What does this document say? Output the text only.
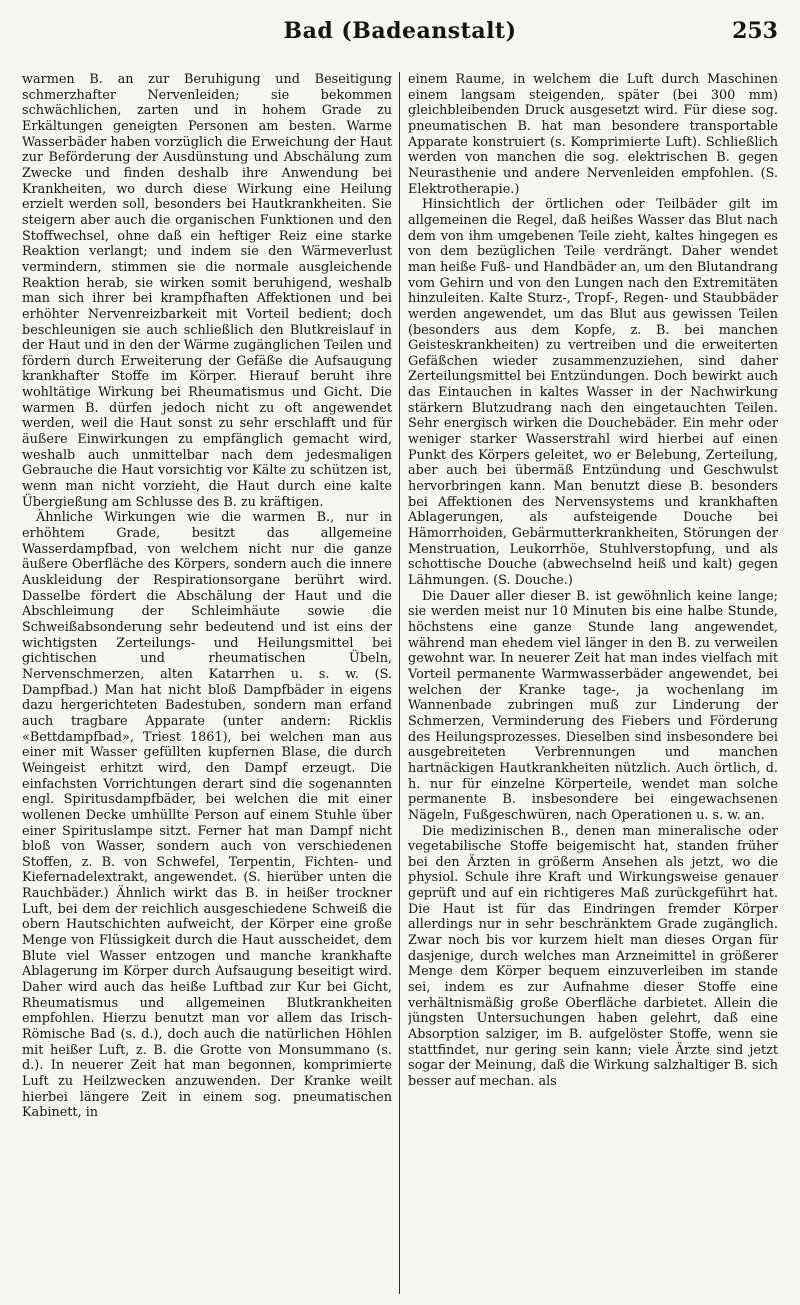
Bad (Badeanstalt)	253

warmen B. an zur Beruhigung und Beseitigung schmerzhafter Nervenleiden; sie bekommen schwächlichen, zarten und in hohem Grade zu Erkältungen geneigten Personen am besten. Warme Wasserbäder haben vorzüglich die Erweichung der Haut zur Beförderung der Ausdünstung und Abschälung zum Zwecke und finden deshalb ihre Anwendung bei Krankheiten, wo durch diese Wirkung eine Heilung erzielt werden soll, besonders bei Hautkrankheiten. Sie steigern aber auch die organischen Funktionen und den Stoffwechsel, ohne daß ein heftiger Reiz eine starke Reaktion verlangt; und indem sie den Wärmeverlust vermindern, stimmen sie die normale ausgleichende Reaktion herab, sie wirken somit beruhigend, weshalb man sich ihrer bei krampfhaften Affektionen und bei erhöhter Nervenreizbarkeit mit Vorteil bedient; doch beschleunigen sie auch schließlich den Blutkreislauf in der Haut und in den der Wärme zugänglichen Teilen und fördern durch Erweiterung der Gefäße die Aufsaugung krankhafter Stoffe im Körper. Hierauf beruht ihre wohltätige Wirkung bei Rheumatismus und Gicht. Die warmen B. dürfen jedoch nicht zu oft angewendet werden, weil die Haut sonst zu sehr erschlafft und für äußere Einwirkungen zu empfänglich gemacht wird, weshalb auch unmittelbar nach dem jedesmaligen Gebrauche die Haut vorsichtig vor Kälte zu schützen ist, wenn man nicht vorzieht, die Haut durch eine kalte Übergießung am Schlusse des B. zu kräftigen.

Ähnliche Wirkungen wie die warmen B., nur in erhöhtem Grade, besitzt das allgemeine Wasserdampfbad, von welchem nicht nur die ganze äußere Oberfläche des Körpers, sondern auch die innere Auskleidung der Respirationsorgane berührt wird. Dasselbe fördert die Abschälung der Haut und die Abschleimung der Schleimhäute sowie die Schweißabsonderung sehr bedeutend und ist eins der wichtigsten Zerteilungs- und Heilungsmittel bei gichtischen und rheumatischen Übeln, Nervenschmerzen, alten Katarrhen u. s. w. (S. Dampfbad.) Man hat nicht bloß Dampfbäder in eigens dazu hergerichteten Badestuben, sondern man erfand auch tragbare Apparate (unter andern: Ricklis «Bettdampfbad», Triest 1861), bei welchen man aus einer mit Wasser gefüllten kupfernen Blase, die durch Weingeist erhitzt wird, den Dampf erzeugt. Die einfachsten Vorrichtungen derart sind die sogenannten engl. Spiritusdampfbäder, bei welchen die mit einer wollenen Decke umhüllte Person auf einem Stuhle über einer Spirituslampe sitzt. Ferner hat man Dampf nicht bloß von Wasser, sondern auch von verschiedenen Stoffen, z. B. von Schwefel, Terpentin, Fichten- und Kiefernadelextrakt, angewendet. (S. hierüber unten die Rauchbäder.) Ähnlich wirkt das B. in heißer trockner Luft, bei dem der reichlich ausgeschiedene Schweiß die obern Hautschichten aufweicht, der Körper eine große Menge von Flüssigkeit durch die Haut ausscheidet, dem Blute viel Wasser entzogen und manche krankhafte Ablagerung im Körper durch Aufsaugung beseitigt wird. Daher wird auch das heiße Luftbad zur Kur bei Gicht, Rheumatismus und allgemeinen Blutkrankheiten empfohlen. Hierzu benutzt man vor allem das Irisch-Römische Bad (s. d.), doch auch die natürlichen Höhlen mit heißer Luft, z. B. die Grotte von Monsummano (s. d.). In neuerer Zeit hat man begonnen, komprimierte Luft zu Heilzwecken anzuwenden. Der Kranke weilt hierbei längere Zeit in einem sog. pneumatischen Kabinett, in

einem Raume, in welchem die Luft durch Maschinen einem langsam steigenden, später (bei 300 mm) gleichbleibenden Druck ausgesetzt wird. Für diese sog. pneumatischen B. hat man besondere transportable Apparate konstruiert (s. Komprimierte Luft). Schließlich werden von manchen die sog. elektrischen B. gegen Neurasthenie und andere Nervenleiden empfohlen. (S. Elektrotherapie.)

Hinsichtlich der örtlichen oder Teilbäder gilt im allgemeinen die Regel, daß heißes Wasser das Blut nach dem von ihm umgebenen Teile zieht, kaltes hingegen es von dem bezüglichen Teile verdrängt. Daher wendet man heiße Fuß- und Handbäder an, um den Blutandrang vom Gehirn und von den Lungen nach den Extremitäten hinzuleiten. Kalte Sturz-, Tropf-, Regen- und Staubbäder werden angewendet, um das Blut aus gewissen Teilen (besonders aus dem Kopfe, z. B. bei manchen Geisteskrankheiten) zu vertreiben und die erweiterten Gefäßchen wieder zusammenzuziehen, sind daher Zerteilungsmittel bei Entzündungen. Doch bewirkt auch das Eintauchen in kaltes Wasser in der Nachwirkung stärkern Blutzudrang nach den eingetauchten Teilen. Sehr energisch wirken die Douchebäder. Ein mehr oder weniger starker Wasserstrahl wird hierbei auf einen Punkt des Körpers geleitet, wo er Belebung, Zerteilung, aber auch bei übermäß Entzündung und Geschwulst hervorbringen kann. Man benutzt diese B. besonders bei Affektionen des Nervensystems und krankhaften Ablagerungen, als aufsteigende Douche bei Hämorrhoiden, Gebärmutterkrankheiten, Störungen der Menstruation, Leukorrhöe, Stuhlverstopfung, und als schottische Douche (abwechselnd heiß und kalt) gegen Lähmungen. (S. Douche.)

Die Dauer aller dieser B. ist gewöhnlich keine lange; sie werden meist nur 10 Minuten bis eine halbe Stunde, höchstens eine ganze Stunde lang angewendet, während man ehedem viel länger in den B. zu verweilen gewohnt war. In neuerer Zeit hat man indes vielfach mit Vorteil permanente Warmwasserbäder angewendet, bei welchen der Kranke tage-, ja wochenlang im Wannenbade zubringen muß zur Linderung der Schmerzen, Verminderung des Fiebers und Förderung des Heilungsprozesses. Dieselben sind insbesondere bei ausgebreiteten Verbrennungen und manchen hartnäckigen Hautkrankheiten nützlich. Auch örtlich, d. h. nur für einzelne Körperteile, wendet man solche permanente B. insbesondere bei eingewachsenen Nägeln, Fußgeschwüren, nach Operationen u. s. w. an.

Die medizinischen B., denen man mineralische oder vegetabilische Stoffe beigemischt hat, standen früher bei den Ärzten in größerm Ansehen als jetzt, wo die physiol. Schule ihre Kraft und Wirkungsweise genauer geprüft und auf ein richtigeres Maß zurückgeführt hat. Die Haut ist für das Eindringen fremder Körper allerdings nur in sehr beschränktem Grade zugänglich. Zwar noch bis vor kurzem hielt man dieses Organ für dasjenige, durch welches man Arzneimittel in größerer Menge dem Körper bequem einzuverleiben im stande sei, indem es zur Aufnahme dieser Stoffe eine verhältnismäßig große Oberfläche darbietet. Allein die jüngsten Untersuchungen haben gelehrt, daß eine Absorption salziger, im B. aufgelöster Stoffe, wenn sie stattfindet, nur gering sein kann; viele Ärzte sind jetzt sogar der Meinung, daß die Wirkung salzhaltiger B. sich besser auf mechan. als
